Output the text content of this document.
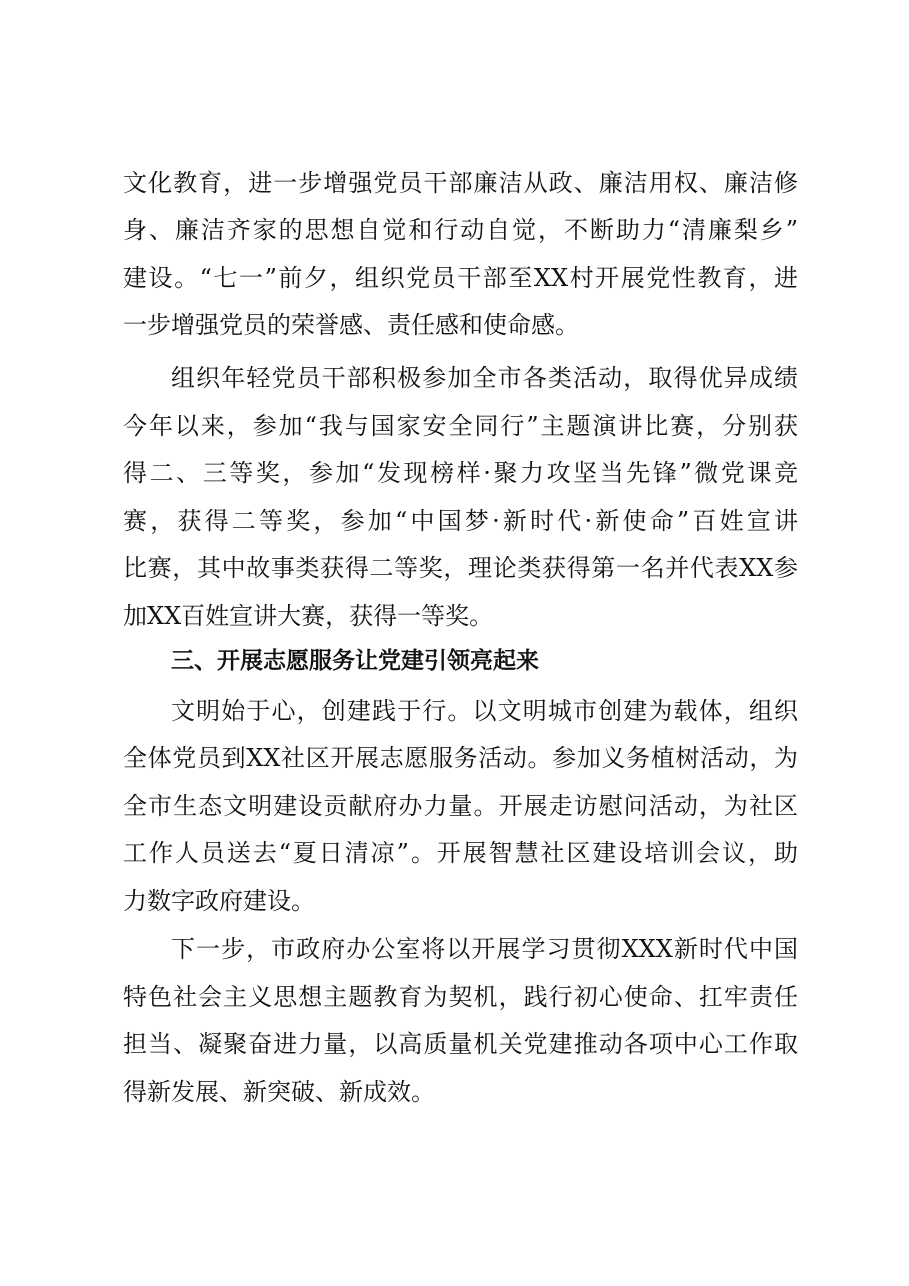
文化教育，进一步增强党员干部廉洁从政、廉洁用权、廉洁修
身、廉洁齐家的思想自觉和行动自觉，不断助力“清廉梨乡”
建设。“七一”前夕，组织党员干部至XX村开展党性教育，进
一步增强党员的荣誉感、责任感和使命感。
组织年轻党员干部积极参加全市各类活动，取得优异成绩
今年以来，参加“我与国家安全同行”主题演讲比赛，分别获
得二、三等奖，参加“发现榜样·聚力攻坚当先锋”微党课竞
赛，获得二等奖，参加“中国梦·新时代·新使命”百姓宣讲
比赛，其中故事类获得二等奖，理论类获得第一名并代表XX参
加XX百姓宣讲大赛，获得一等奖。
三、开展志愿服务让党建引领亮起来
文明始于心，创建践于行。以文明城市创建为载体，组织
全体党员到XX社区开展志愿服务活动。参加义务植树活动，为
全市生态文明建设贡献府办力量。开展走访慰问活动，为社区
工作人员送去“夏日清凉”。开展智慧社区建设培训会议，助
力数字政府建设。
下一步，市政府办公室将以开展学习贯彻XXX新时代中国
特色社会主义思想主题教育为契机，践行初心使命、扛牢责任
担当、凝聚奋进力量，以高质量机关党建推动各项中心工作取
得新发展、新突破、新成效。
